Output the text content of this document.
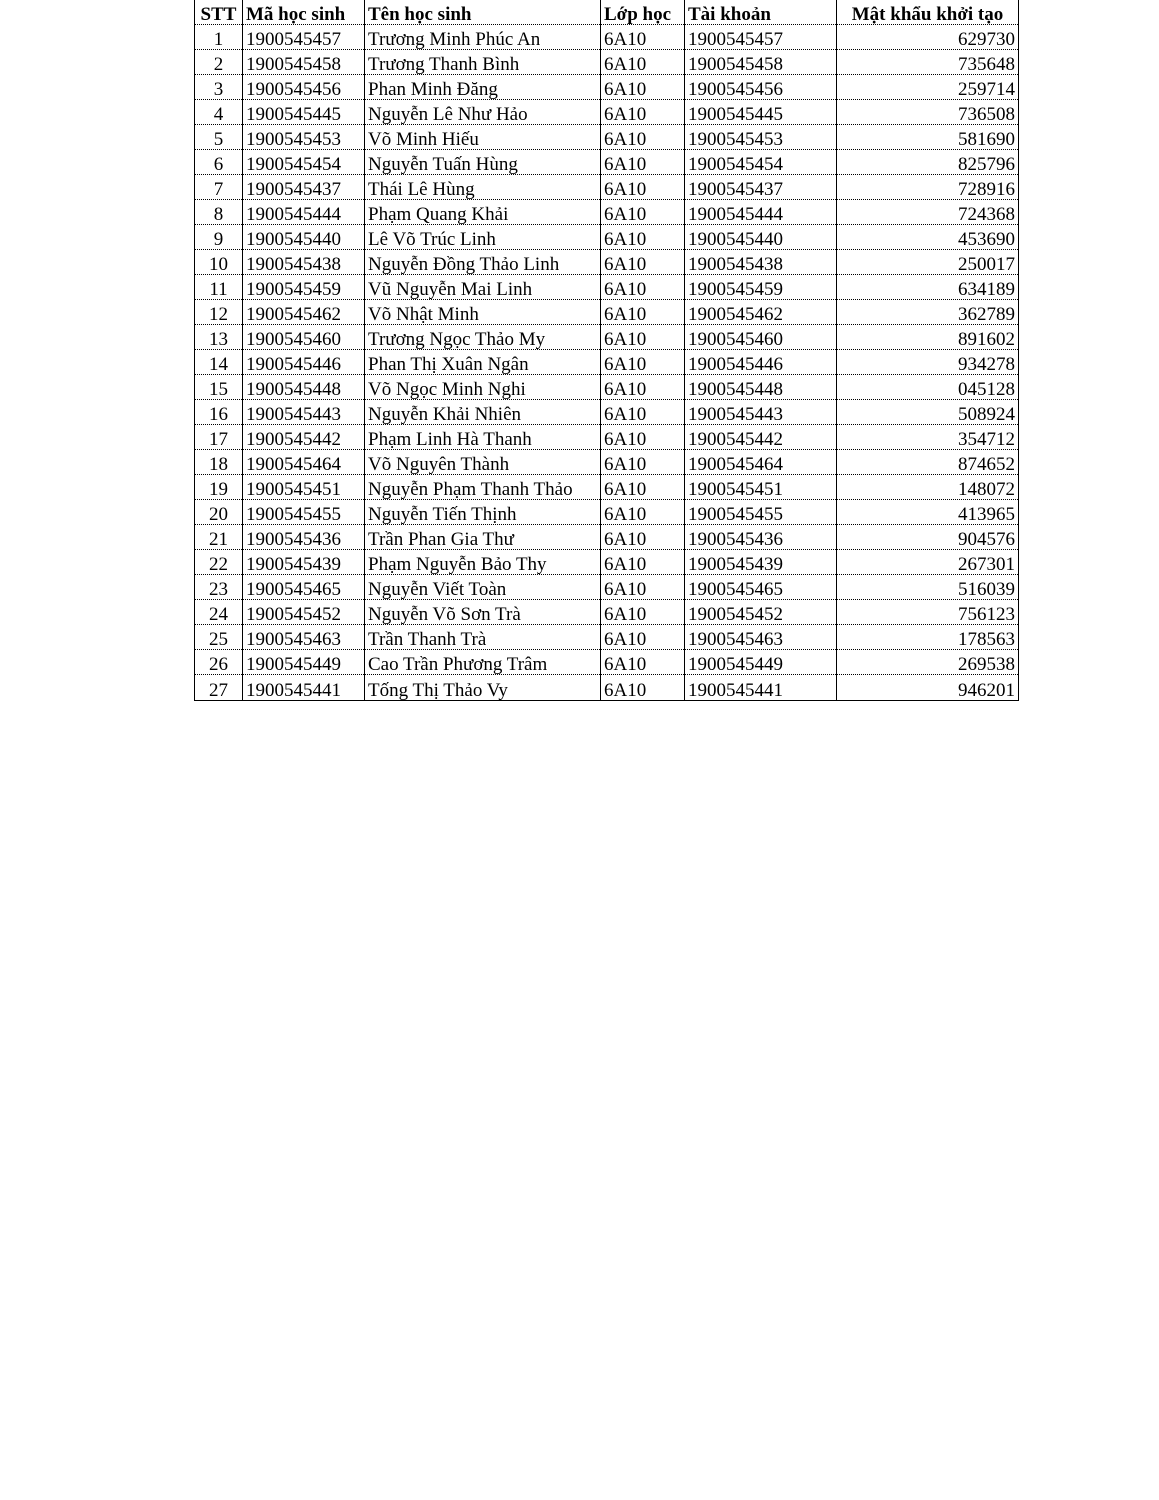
STT	Mã học sinh	Tên học sinh	Lớp học	Tài khoản	Mật khẩu khởi tạo
1	1900545457	Trương Minh Phúc An	6A10	1900545457	629730
2	1900545458	Trương Thanh Bình	6A10	1900545458	735648
3	1900545456	Phan Minh Đăng	6A10	1900545456	259714
4	1900545445	Nguyễn Lê Như Hảo	6A10	1900545445	736508
5	1900545453	Võ Minh Hiếu	6A10	1900545453	581690
6	1900545454	Nguyễn Tuấn Hùng	6A10	1900545454	825796
7	1900545437	Thái Lê Hùng	6A10	1900545437	728916
8	1900545444	Phạm Quang Khải	6A10	1900545444	724368
9	1900545440	Lê Võ Trúc Linh	6A10	1900545440	453690
10	1900545438	Nguyễn Đồng Thảo Linh	6A10	1900545438	250017
11	1900545459	Vũ Nguyễn Mai Linh	6A10	1900545459	634189
12	1900545462	Võ Nhật Minh	6A10	1900545462	362789
13	1900545460	Trương Ngọc Thảo My	6A10	1900545460	891602
14	1900545446	Phan Thị Xuân Ngân	6A10	1900545446	934278
15	1900545448	Võ Ngọc Minh Nghi	6A10	1900545448	045128
16	1900545443	Nguyễn Khải Nhiên	6A10	1900545443	508924
17	1900545442	Phạm Linh Hà Thanh	6A10	1900545442	354712
18	1900545464	Võ Nguyên Thành	6A10	1900545464	874652
19	1900545451	Nguyễn Phạm Thanh Thảo	6A10	1900545451	148072
20	1900545455	Nguyễn Tiến Thịnh	6A10	1900545455	413965
21	1900545436	Trần Phan Gia Thư	6A10	1900545436	904576
22	1900545439	Phạm Nguyễn Bảo Thy	6A10	1900545439	267301
23	1900545465	Nguyễn Viết Toàn	6A10	1900545465	516039
24	1900545452	Nguyễn Võ Sơn Trà	6A10	1900545452	756123
25	1900545463	Trần Thanh Trà	6A10	1900545463	178563
26	1900545449	Cao Trần Phương Trâm	6A10	1900545449	269538
27	1900545441	Tống Thị Thảo Vy	6A10	1900545441	946201
